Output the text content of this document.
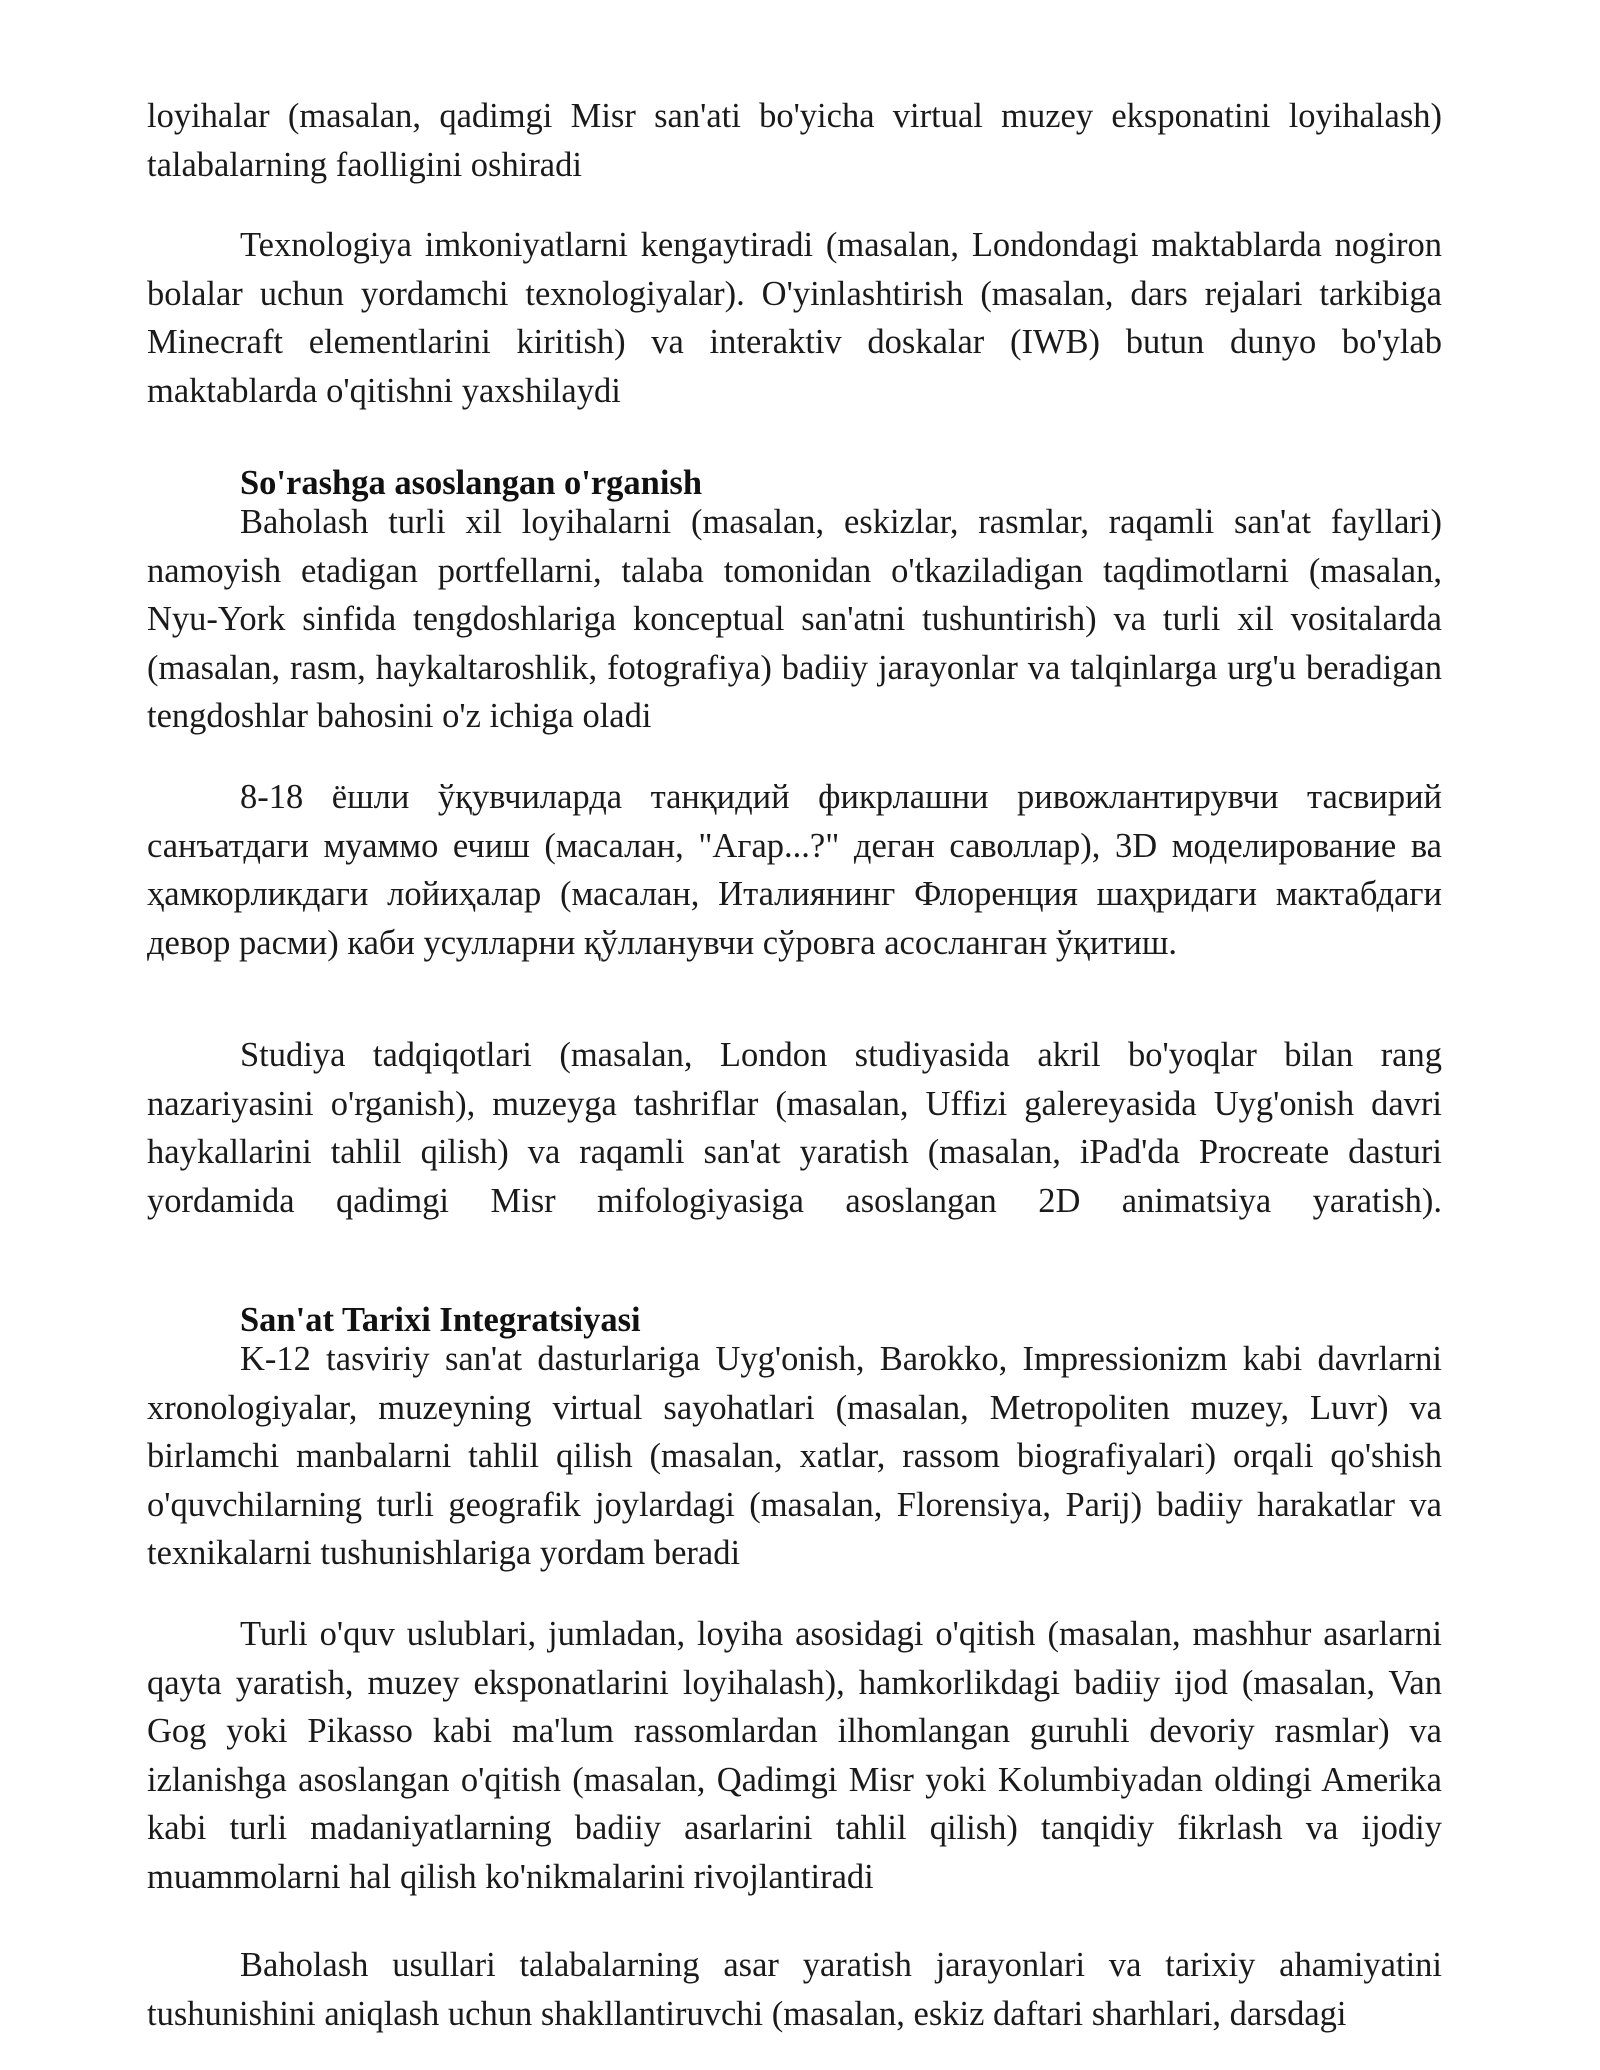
loyihalar (masalan, qadimgi Misr san'ati bo'yicha virtual muzey eksponatini loyihalash) talabalarning faolligini oshiradi

Texnologiya imkoniyatlarni kengaytiradi (masalan, Londondagi maktablarda nogiron bolalar uchun yordamchi texnologiyalar). O'yinlashtirish (masalan, dars rejalari tarkibiga Minecraft elementlarini kiritish) va interaktiv doskalar (IWB) butun dunyo bo'ylab maktablarda o'qitishni yaxshilaydi

So'rashga asoslangan o'rganish

Baholash turli xil loyihalarni (masalan, eskizlar, rasmlar, raqamli san'at fayllari) namoyish etadigan portfellarni, talaba tomonidan o'tkaziladigan taqdimotlarni (masalan, Nyu-York sinfida tengdoshlariga konceptual san'atni tushuntirish) va turli xil vositalarda (masalan, rasm, haykaltaroshlik, fotografiya) badiiy jarayonlar va talqinlarga urg'u beradigan tengdoshlar bahosini o'z ichiga oladi

8-18 ёшли ўқувчиларда танқидий фикрлашни ривожлантирувчи тасвирий санъатдаги муаммо ечиш (масалан, "Агар...?" деган саволлар), 3D моделирование ва ҳамкорликдаги лойиҳалар (масалан, Италиянинг Флоренция шаҳридаги мактабдаги девор расми) каби усулларни қўлланувчи сўровга асосланган ўқитиш.

Studiya tadqiqotlari (masalan, London studiyasida akril bo'yoqlar bilan rang nazariyasini o'rganish), muzeyga tashriflar (masalan, Uffizi galereyasida Uyg'onish davri haykallarini tahlil qilish) va raqamli san'at yaratish (masalan, iPad'da Procreate dasturi yordamida qadimgi Misr mifologiyasiga asoslangan 2D animatsiya yaratish).

San'at Tarixi Integratsiyasi

K-12 tasviriy san'at dasturlariga Uyg'onish, Barokko, Impressionizm kabi davrlarni xronologiyalar, muzeyning virtual sayohatlari (masalan, Metropoliten muzey, Luvr) va birlamchi manbalarni tahlil qilish (masalan, xatlar, rassom biografiyalari) orqali qo'shish o'quvchilarning turli geografik joylardagi (masalan, Florensiya, Parij) badiiy harakatlar va texnikalarni tushunishlariga yordam beradi

Turli o'quv uslublari, jumladan, loyiha asosidagi o'qitish (masalan, mashhur asarlarni qayta yaratish, muzey eksponatlarini loyihalash), hamkorlikdagi badiiy ijod (masalan, Van Gog yoki Pikasso kabi ma'lum rassomlardan ilhomlangan guruhli devoriy rasmlar) va izlanishga asoslangan o'qitish (masalan, Qadimgi Misr yoki Kolumbiyadan oldingi Amerika kabi turli madaniyatlarning badiiy asarlarini tahlil qilish) tanqidiy fikrlash va ijodiy muammolarni hal qilish ko'nikmalarini rivojlantiradi

Baholash usullari talabalarning asar yaratish jarayonlari va tarixiy ahamiyatini tushunishini aniqlash uchun shakllantiruvchi (masalan, eskiz daftari sharhlari, darsdagi
